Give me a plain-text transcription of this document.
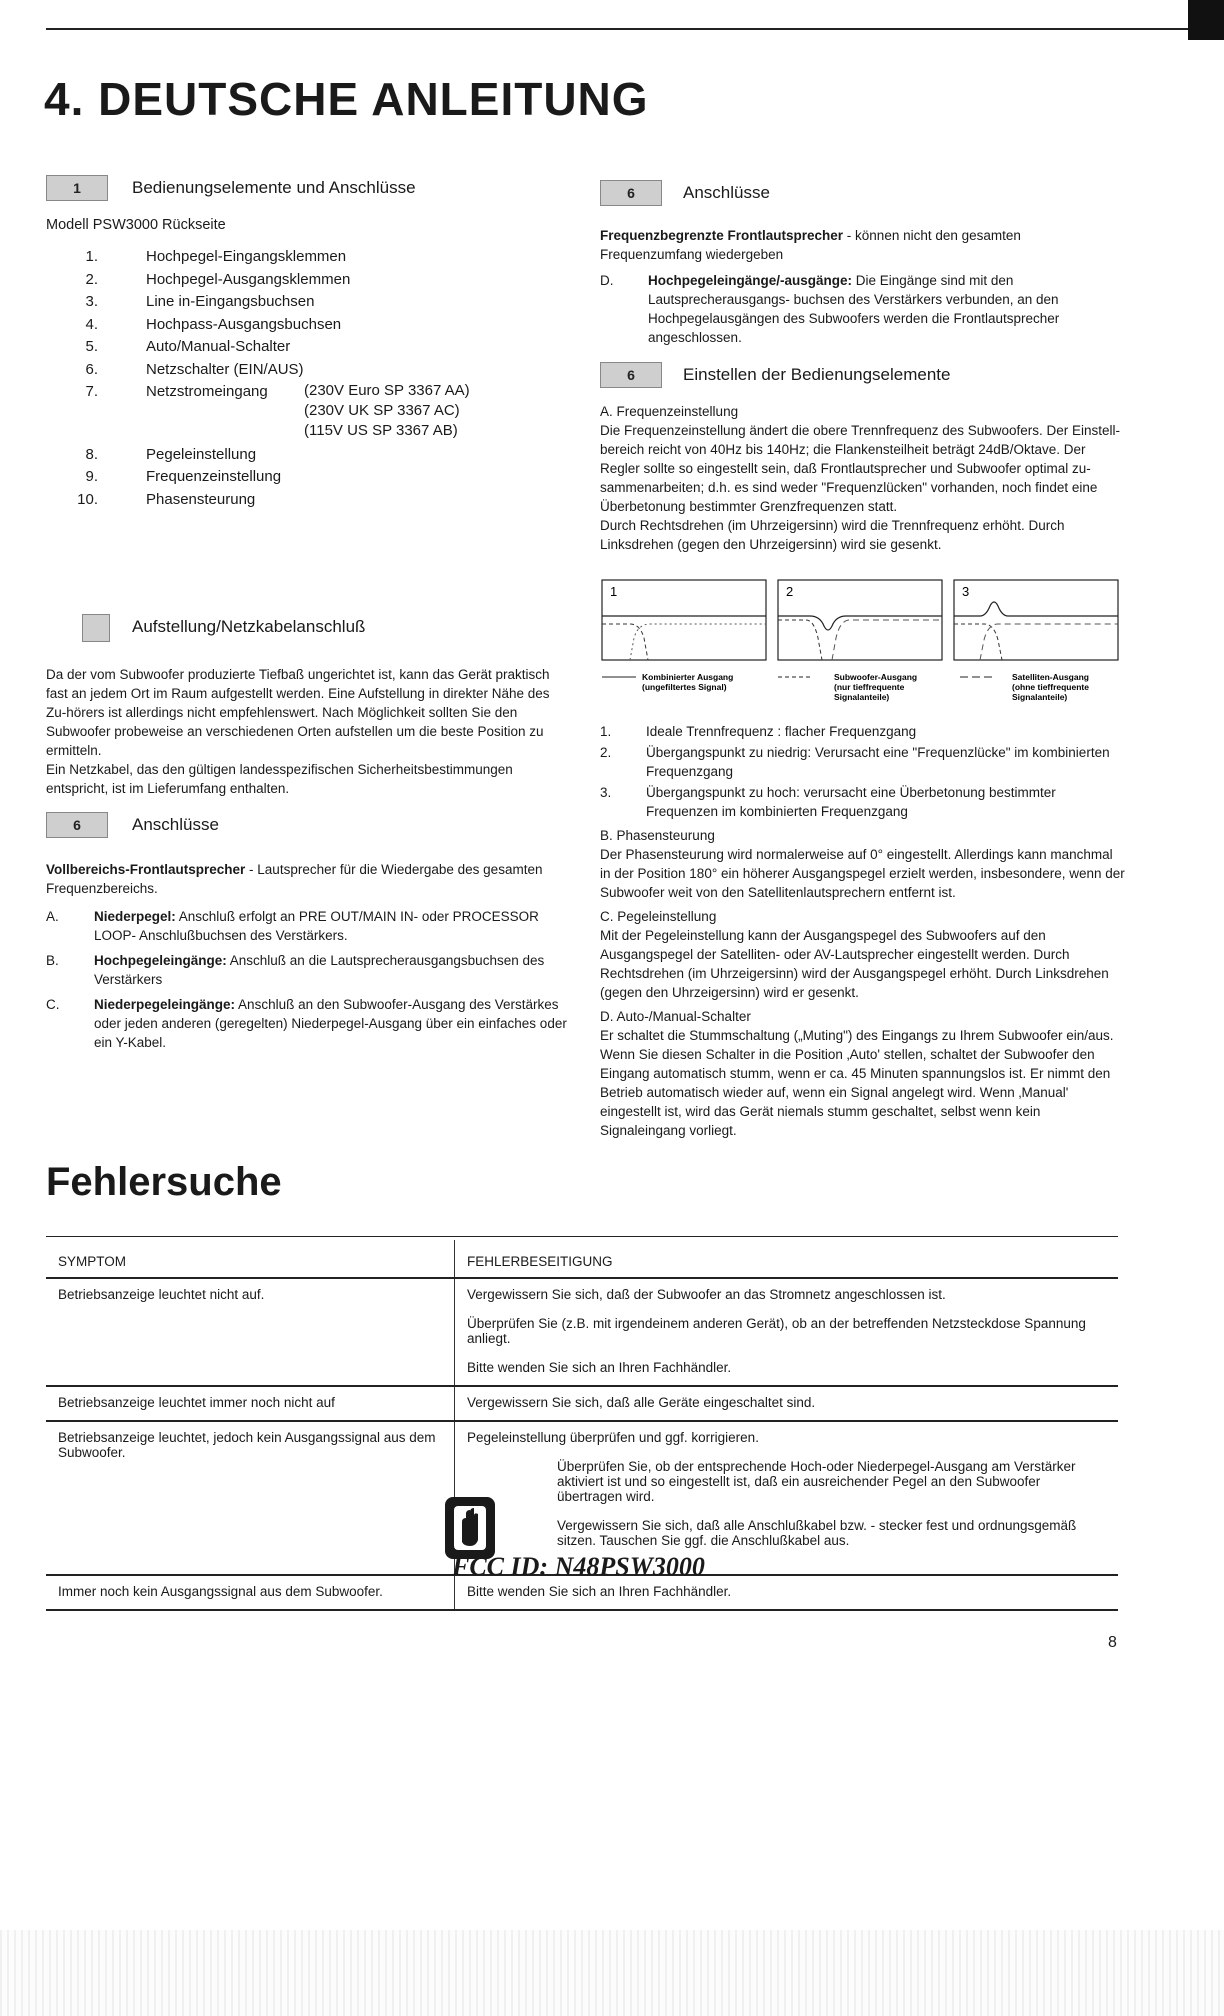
4. DEUTSCHE ANLEITUNG
1	Bedienungselemente und Anschlüsse
Modell PSW3000 Rückseite
1.	Hochpegel-Eingangsklemmen
2.	Hochpegel-Ausgangsklemmen
3.	Line in-Eingangsbuchsen
4.	Hochpass-Ausgangsbuchsen
5.	Auto/Manual-Schalter
6.	Netzschalter (EIN/AUS)
7.	Netzstromeingang (230V Euro SP 3367 AA)
(230V UK SP 3367 AC)
(115V US SP 3367 AB)
8.	Pegeleinstellung
9.	Frequenzeinstellung
10.	Phasensteurung
Aufstellung/Netzkabelanschluß
Da der vom Subwoofer produzierte Tiefbaß ungerichtet ist, kann das Gerät praktisch fast an jedem Ort im Raum aufgestellt werden. Eine Aufstellung in direkter Nähe des Zu-hörers ist allerdings nicht empfehlenswert. Nach Möglichkeit sollten Sie den Subwoofer probeweise an verschiedenen Orten aufstellen um die beste Position zu ermitteln.
Ein Netzkabel, das den gültigen landesspezifischen Sicherheitsbestimmungen entspricht, ist im Lieferumfang enthalten.
6	Anschlüsse
Vollbereichs-Frontlautsprecher - Lautsprecher für die Wiedergabe des gesamten Frequenzbereichs.
A.	Niederpegel: Anschluß erfolgt an PRE OUT/MAIN IN- oder PROCESSOR LOOP- Anschlußbuchsen des Verstärkers.
B.	Hochpegeleingänge: Anschluß an die Lautsprecherausgangsbuchsen des Verstärkers
C.	Niederpegeleingänge: Anschluß an den Subwoofer-Ausgang des Verstärkes oder jeden anderen (geregelten) Niederpegel-Ausgang über ein einfaches oder ein Y-Kabel.
6	Anschlüsse
Frequenzbegrenzte Frontlautsprecher - können nicht den gesamten Frequenzumfang wiedergeben
D.	Hochpegeleingänge/-ausgänge: Die Eingänge sind mit den Lautsprecherausgangs- buchsen des Verstärkers verbunden, an den Hochpegelausgängen des Subwoofers werden die Frontlautsprecher angeschlossen.
6	Einstellen der Bedienungselemente
A. Frequenzeinstellung
Die Frequenzeinstellung ändert die obere Trennfrequenz des Subwoofers. Der Einstell-bereich reicht von 40Hz bis 140Hz; die Flankensteilheit beträgt 24dB/Oktave. Der Regler sollte so eingestellt sein, daß Frontlautsprecher und Subwoofer optimal zu-sammenarbeiten; d.h. es sind weder "Frequenzlücken" vorhanden, noch findet eine Überbetonung bestimmter Grenzfrequenzen statt.
Durch Rechtsdrehen (im Uhrzeigersinn) wird die Trennfrequenz erhöht. Durch Linksdrehen (gegen den Uhrzeigersinn) wird sie gesenkt.
1	2	3
Kombinierter Ausgang
(ungefiltertes Signal)
Subwoofer-Ausgang
(nur tieffrequente
Signalanteile)
Satelliten-Ausgang
(ohne tieffrequente
Signalanteile)
1.	Ideale Trennfrequenz : flacher Frequenzgang
2.	Übergangspunkt zu niedrig: Verursacht eine "Frequenzlücke" im kombinierten Frequenzgang
3.	Übergangspunkt zu hoch: verursacht eine Überbetonung bestimmter Frequenzen im kombinierten Frequenzgang
B. Phasensteurung
Der Phasensteurung wird normalerweise auf 0° eingestellt. Allerdings kann manchmal in der Position 180° ein höherer Ausgangspegel erzielt werden, insbesondere, wenn der Subwoofer weit von den Satellitenlautsprechern entfernt ist.
C. Pegeleinstellung
Mit der Pegeleinstellung kann der Ausgangspegel des Subwoofers auf den Ausgangspegel der Satelliten- oder AV-Lautsprecher eingestellt werden. Durch Rechtsdrehen (im Uhrzeigersinn) wird der Ausgangspegel erhöht. Durch Linksdrehen (gegen den Uhrzeigersinn) wird er gesenkt.
D. Auto-/Manual-Schalter
Er schaltet die Stummschaltung („Muting") des Eingangs zu Ihrem Subwoofer ein/aus. Wenn Sie diesen Schalter in die Position ‚Auto' stellen, schaltet der Subwoofer den Eingang automatisch stumm, wenn er ca. 45 Minuten spannungslos ist. Er nimmt den Betrieb automatisch wieder auf, wenn ein Signal angelegt wird. Wenn ‚Manual' eingestellt ist, wird das Gerät niemals stumm geschaltet, selbst wenn kein Signaleingang vorliegt.
Fehlersuche
SYMPTOM	FEHLERBESEITIGUNG
Betriebsanzeige leuchtet nicht auf.	Vergewissern Sie sich, daß der Subwoofer an das Stromnetz angeschlossen ist.

Überprüfen Sie (z.B. mit irgendeinem anderen Gerät), ob an der betreffenden Netzsteckdose Spannung anliegt.

Bitte wenden Sie sich an Ihren Fachhändler.

Betriebsanzeige leuchtet immer noch nicht auf	Vergewissern Sie sich, daß alle Geräte eingeschaltet sind.

Betriebsanzeige leuchtet, jedoch kein Ausgangssignal aus dem Subwoofer.	Pegeleinstellung überprüfen und ggf. korrigieren.

Überprüfen Sie, ob der entsprechende Hoch-oder Niederpegel-Ausgang am Verstärker aktiviert ist und so eingestellt ist, daß ein ausreichender Pegel an den Subwoofer übertragen wird.

Vergewissern Sie sich, daß alle Anschlußkabel bzw. - stecker fest und ordnungsgemäß sitzen. Tauschen Sie ggf. die Anschlußkabel aus.

Immer noch kein Ausgangssignal aus dem Subwoofer.	Bitte wenden Sie sich an Ihren Fachhändler.

FCC ID: N48PSW3000
8
